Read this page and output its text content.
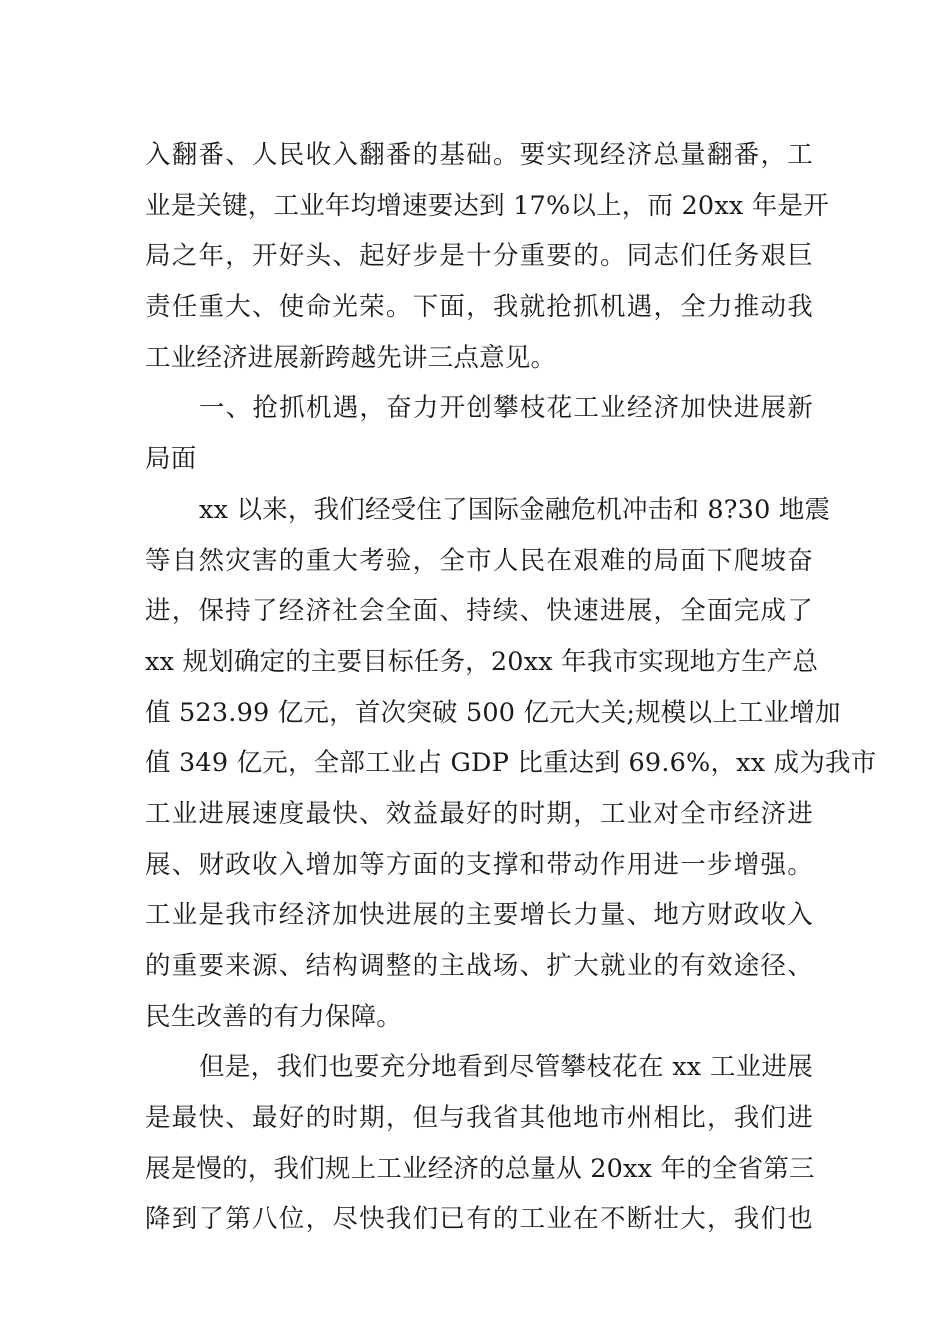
入翻番、人民收入翻番的基础。要实现经济总量翻番，工
业是关键，工业年均增速要达到 17%以上，而 20xx 年是开
局之年，开好头、起好步是十分重要的。同志们任务艰巨
责任重大、使命光荣。下面，我就抢抓机遇，全力推动我
工业经济进展新跨越先讲三点意见。
一、抢抓机遇，奋力开创攀枝花工业经济加快进展新
局面
xx 以来，我们经受住了国际金融危机冲击和 8?30 地震
等自然灾害的重大考验，全市人民在艰难的局面下爬坡奋
进，保持了经济社会全面、持续、快速进展，全面完成了
xx 规划确定的主要目标任务，20xx 年我市实现地方生产总
值 523.99 亿元，首次突破 500 亿元大关;规模以上工业增加
值 349 亿元，全部工业占 GDP 比重达到 69.6%，xx 成为我市
工业进展速度最快、效益最好的时期，工业对全市经济进
展、财政收入增加等方面的支撑和带动作用进一步增强。
工业是我市经济加快进展的主要增长力量、地方财政收入
的重要来源、结构调整的主战场、扩大就业的有效途径、
民生改善的有力保障。
但是，我们也要充分地看到尽管攀枝花在 xx 工业进展
是最快、最好的时期，但与我省其他地市州相比，我们进
展是慢的，我们规上工业经济的总量从 20xx 年的全省第三
降到了第八位，尽快我们已有的工业在不断壮大，我们也
